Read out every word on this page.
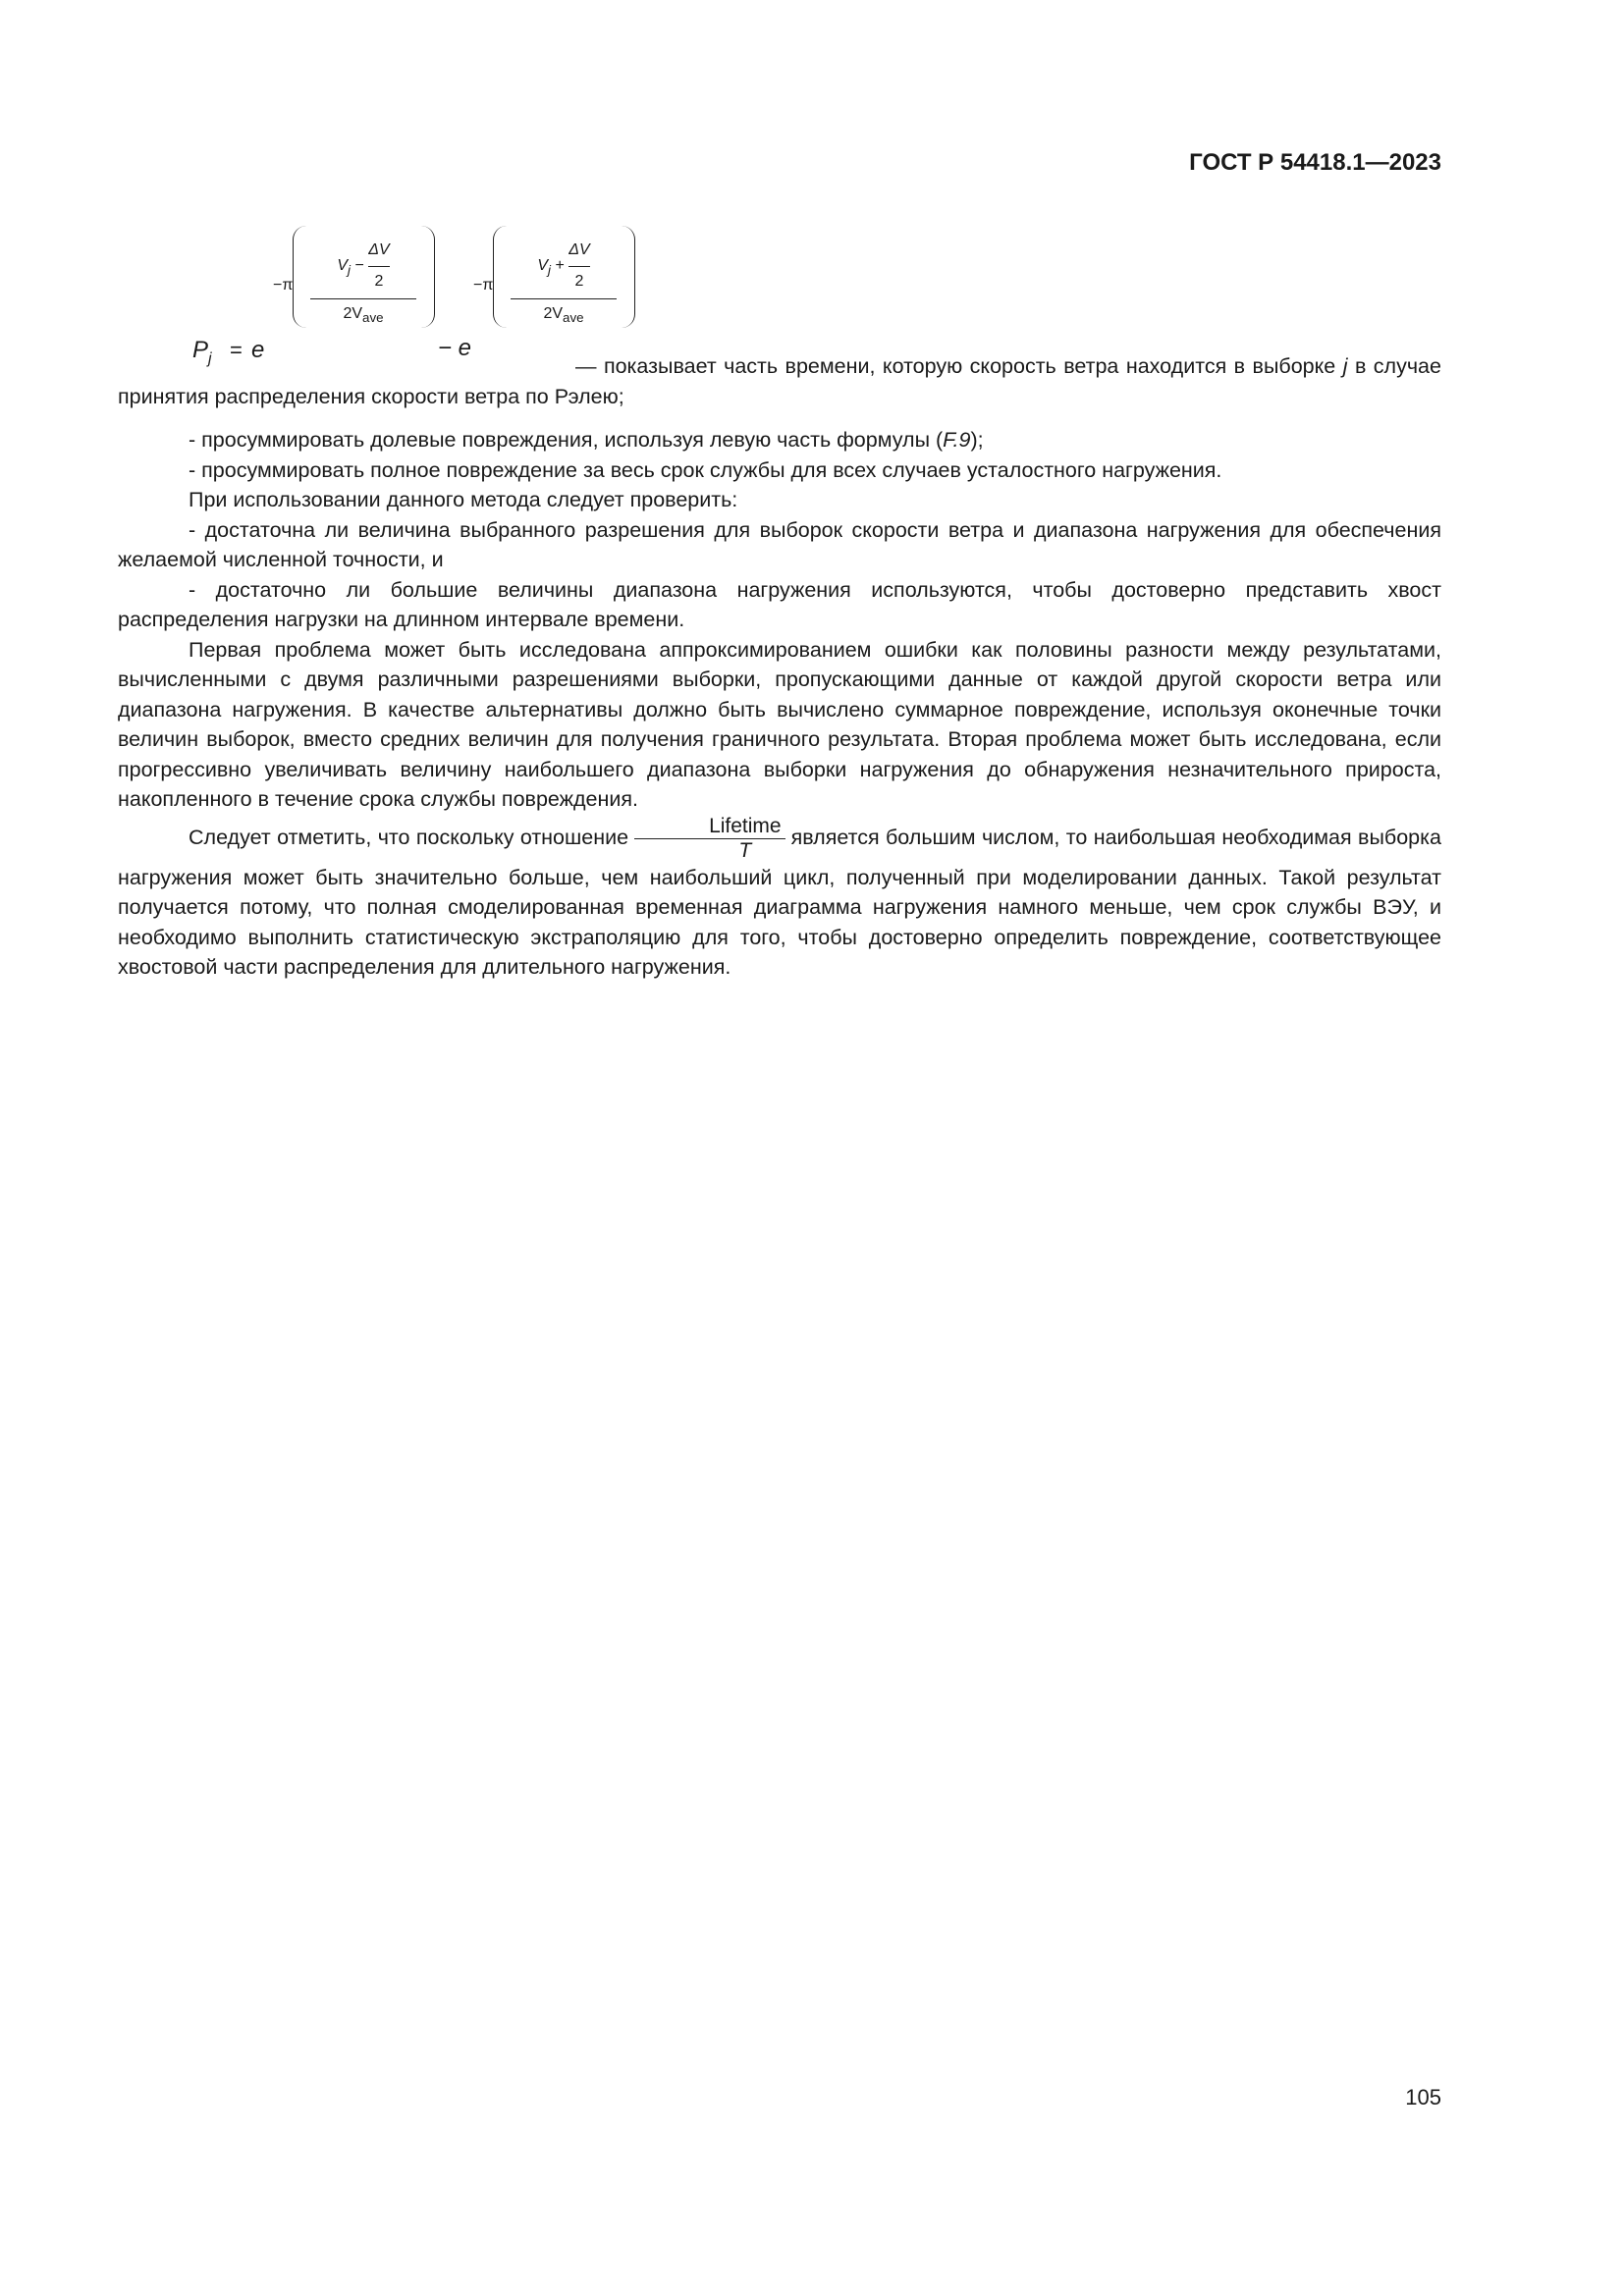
ГОСТ Р 54418.1—2023
$P_j = e$
−π
$V_j - \frac{\Delta V}{2}$
$2V_{ave}$
− e
−π
$V_j + \frac{\Delta V}{2}$
$2V_{ave}$

— показывает часть времени, которую скорость ветра находится в выборке j в случае принятия распределения скорости ветра по Рэлею;

- просуммировать долевые повреждения, используя левую часть формулы (F.9);

- просуммировать полное повреждение за весь срок службы для всех случаев усталостного нагружения.

При использовании данного метода следует проверить:

- достаточна ли величина выбранного разрешения для выборок скорости ветра и диапазона нагружения для обеспечения желаемой численной точности, и

- достаточно ли большие величины диапазона нагружения используются, чтобы достоверно представить хвост распределения нагрузки на длинном интервале времени.

Первая проблема может быть исследована аппроксимированием ошибки как половины разности между результатами, вычисленными с двумя различными разрешениями выборки, пропускающими данные от каждой другой скорости ветра или диапазона нагружения. В качестве альтернативы должно быть вычислено суммарное повреждение, используя оконечные точки величин выборок, вместо средних величин для получения граничного результата. Вторая проблема может быть исследована, если прогрессивно увеличивать величину наибольшего диапазона выборки нагружения до обнаружения незначительного прироста, накопленного в течение срока службы повреждения.

Следует отметить, что поскольку отношение	Lifetime
T
является большим числом, то наибольшая необходимая выборка нагружения может быть значительно больше, чем наибольший цикл, полученный при моделировании данных. Такой результат получается потому, что полная смоделированная временная диаграмма нагружения намного меньше, чем срок службы ВЭУ, и необходимо выполнить статистическую экстраполяцию для того, чтобы достоверно определить повреждение, соответствующее хвостовой части распределения для длительного нагружения.

105
